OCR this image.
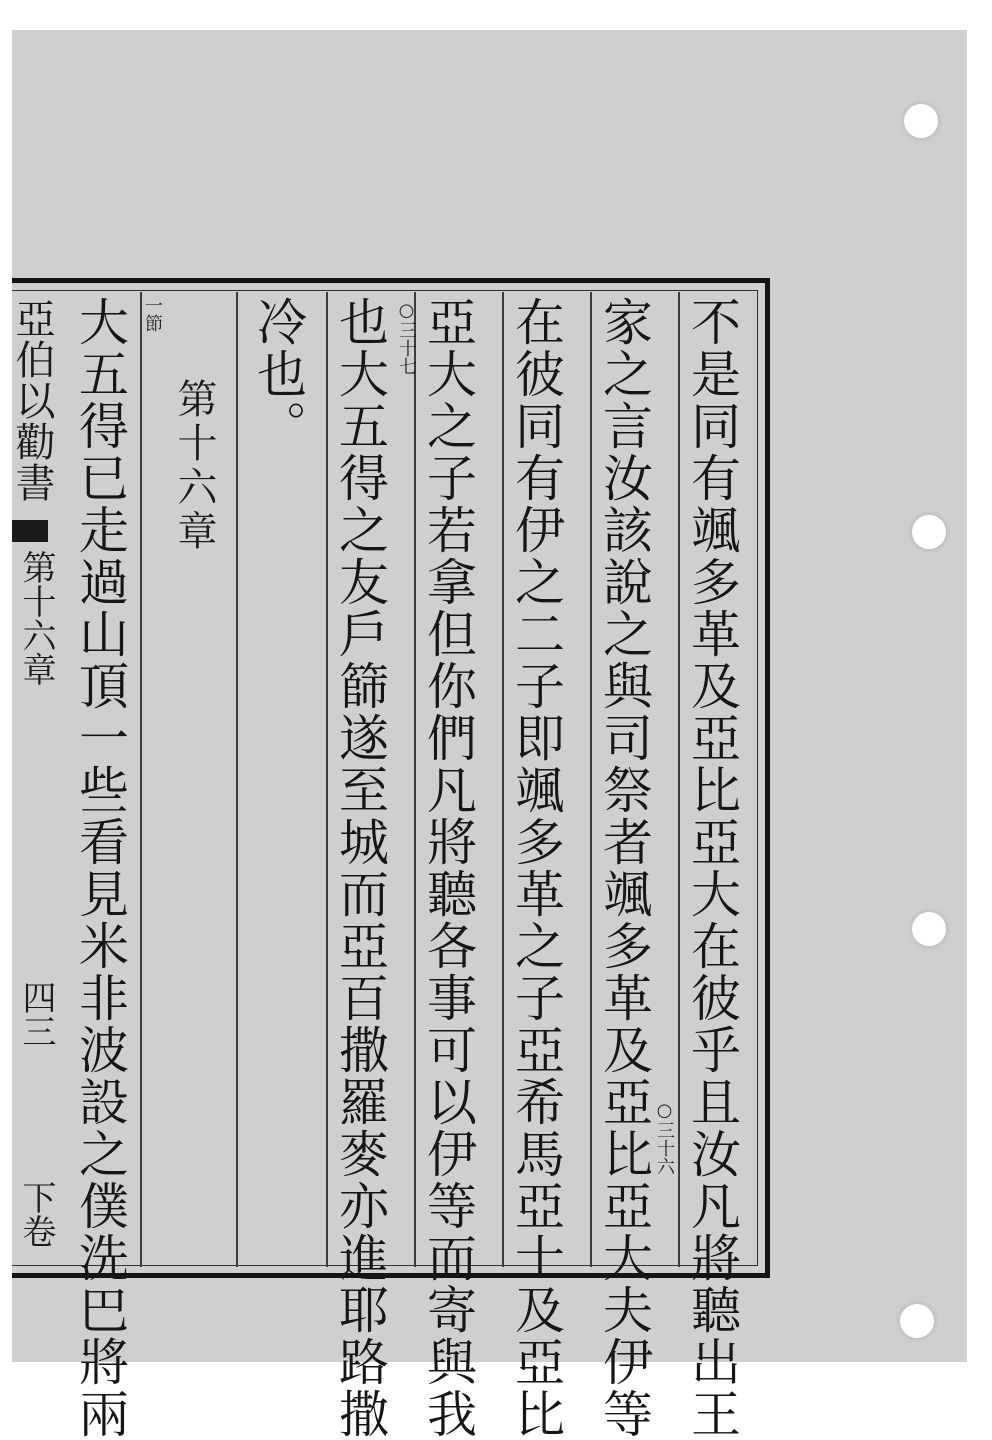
不是同有颯多革及亞比亞大在彼乎且汝凡將聽出王
家之言汝該說之與司祭者颯多革及亞比亞大夫伊等
在彼同有伊之二子即颯多革之子亞希馬亞士及亞比
亞大之子若拿但你們凡將聽各事可以伊等而寄與我
也大五得之友戶篩遂至城而亞百撒羅麥亦進耶路撒
冷也。
○三十六
○三十七
第十六章
一節
大五得已走過山頂一些看見米非波設之僕洗巴將兩
亞伯以勸書
第十六章
四三
下卷
